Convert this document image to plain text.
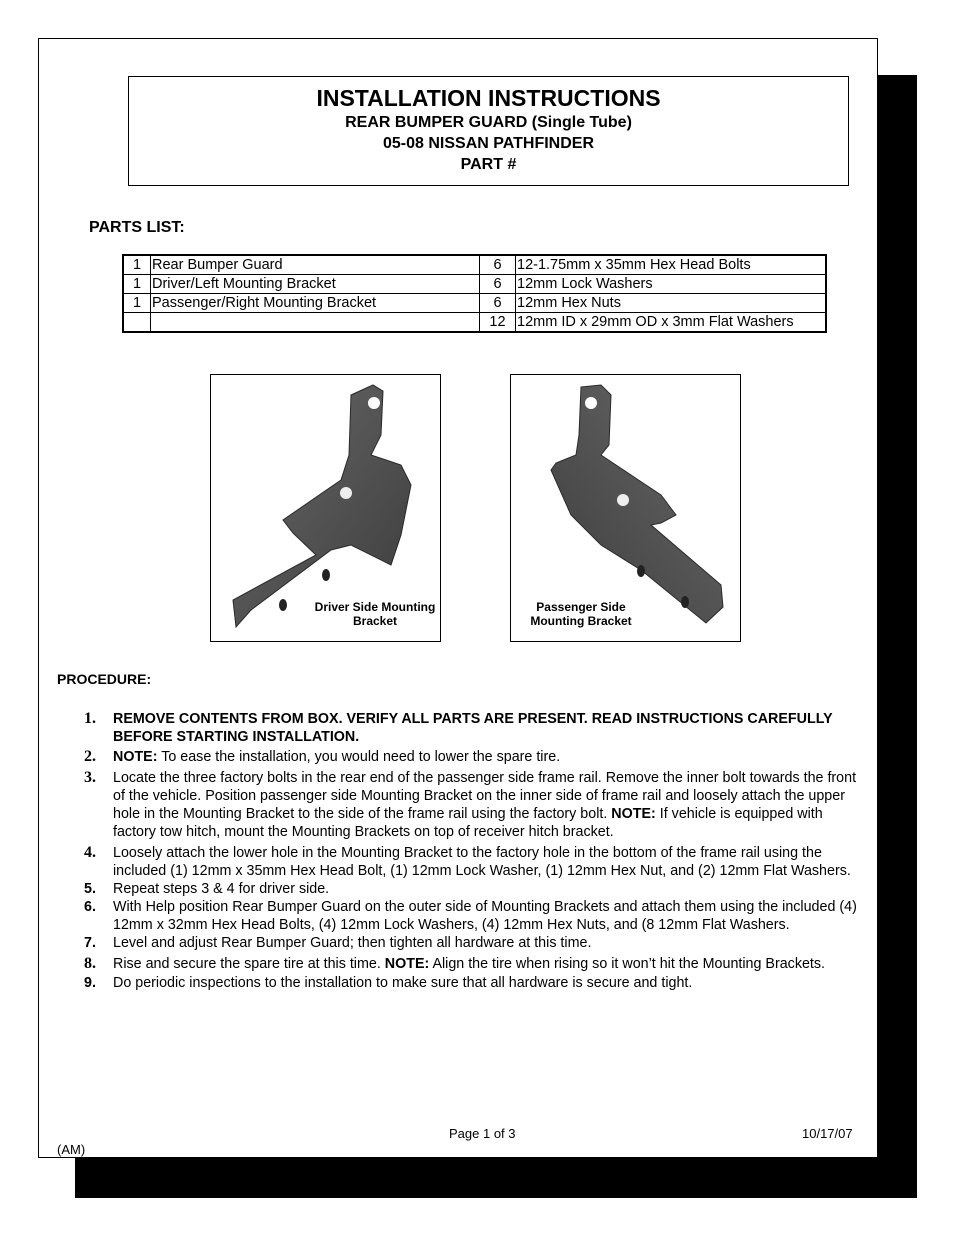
INSTALLATION INSTRUCTIONS
REAR BUMPER GUARD (Single Tube)
05-08 NISSAN PATHFINDER
PART #
PARTS LIST:
1	Rear Bumper Guard	6	12-1.75mm x 35mm Hex Head Bolts
1	Driver/Left Mounting Bracket	6	12mm Lock Washers
1	Passenger/Right Mounting Bracket	6	12mm Hex Nuts
		12	12mm ID x 29mm OD x 3mm Flat Washers
Driver Side Mounting
Bracket
Passenger Side
Mounting Bracket
PROCEDURE:
1.	REMOVE CONTENTS FROM BOX. VERIFY ALL PARTS ARE PRESENT. READ INSTRUCTIONS CAREFULLY BEFORE STARTING INSTALLATION.
2.	NOTE: To ease the installation, you would need to lower the spare tire.
3.	Locate the three factory bolts in the rear end of the passenger side frame rail. Remove the inner bolt towards the front of the vehicle. Position passenger side Mounting Bracket on the inner side of frame rail and loosely attach the upper hole in the Mounting Bracket to the side of the frame rail using the factory bolt. NOTE: If vehicle is equipped with factory tow hitch, mount the Mounting Brackets on top of receiver hitch bracket.
4.	Loosely attach the lower hole in the Mounting Bracket to the factory hole in the bottom of the frame rail using the included (1) 12mm x 35mm Hex Head Bolt, (1) 12mm Lock Washer, (1) 12mm Hex Nut, and (2) 12mm Flat Washers.
5.	Repeat steps 3 & 4 for driver side.
6.	With Help position Rear Bumper Guard on the outer side of Mounting Brackets and attach them using the included (4) 12mm x 32mm Hex Head Bolts, (4) 12mm Lock Washers, (4) 12mm Hex Nuts, and (8 12mm Flat Washers.
7.	Level and adjust Rear Bumper Guard; then tighten all hardware at this time.
8.	Rise and secure the spare tire at this time. NOTE: Align the tire when rising so it won’t hit the Mounting Brackets.
9.	Do periodic inspections to the installation to make sure that all hardware is secure and tight.
Page 1 of 3	10/17/07
(AM)
